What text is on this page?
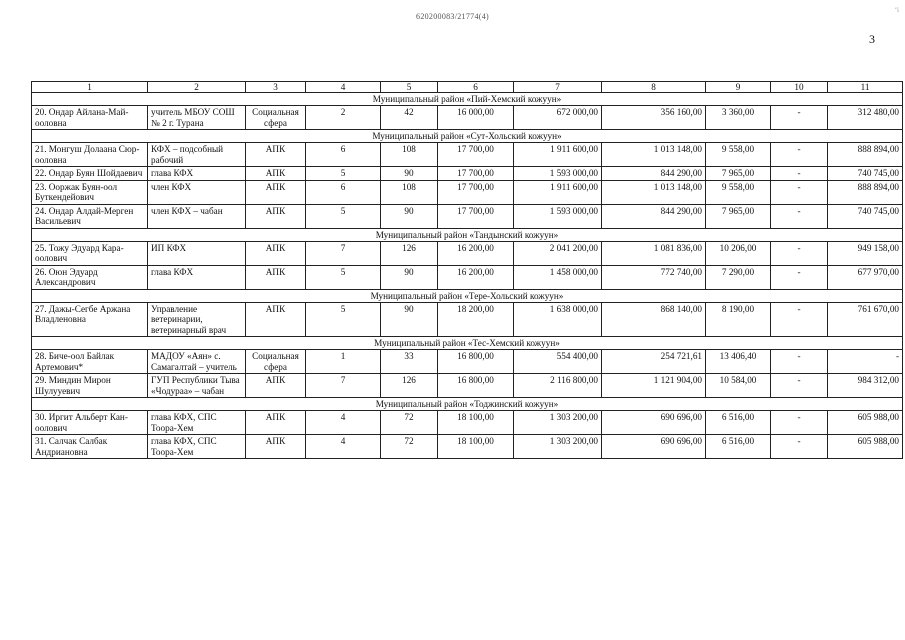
620200083/21774(4)
ʻі
3
1	2	3	4	5	6	7	8	9	10	11
Муниципальный район «Пий-Хемский кожуун»										
20. Ондар Айлана-Май-ооловна	учитель МБОУ СОШ № 2 г. Турана	Социальная сфера	2	42	16 000,00	672 000,00	356 160,00	3 360,00	-	312 480,00
Муниципальный район «Сут-Хольский кожуун»										
21. Монгуш Долаана Сюр-ооловна	КФХ – подсобный рабочий	АПК	6	108	17 700,00	1 911 600,00	1 013 148,00	9 558,00	-	888 894,00
22. Ондар Буян Шойдаевич	глава КФХ	АПК	5	90	17 700,00	1 593 000,00	844 290,00	7 965,00	-	740 745,00
23. Ооржак Буян-оол Буткендейович	член КФХ	АПК	6	108	17 700,00	1 911 600,00	1 013 148,00	9 558,00	-	888 894,00
24. Ондар Алдай-Мерген Васильевич	член КФХ – чабан	АПК	5	90	17 700,00	1 593 000,00	844 290,00	7 965,00	-	740 745,00
Муниципальный район «Тандынский кожуун»										
25. Тожу Эдуард Кара-оолович	ИП КФХ	АПК	7	126	16 200,00	2 041 200,00	1 081 836,00	10 206,00	-	949 158,00
26. Оюн Эдуард Александрович	глава КФХ	АПК	5	90	16 200,00	1 458 000,00	772 740,00	7 290,00	-	677 970,00
Муниципальный район «Тере-Хольский кожуун»										
27. Дажы-Сегбе Аржана Владленовна	Управление ветеринарии, ветеринарный врач	АПК	5	90	18 200,00	1 638 000,00	868 140,00	8 190,00	-	761 670,00
Муниципальный район «Тес-Хемский кожуун»										
28. Биче-оол Байлак Артемович*	МАДОУ «Аян» с. Самагалтай – учитель	Социальная сфера	1	33	16 800,00	554 400,00	254 721,61	13 406,40	-	-
29. Миндин Мирон Шулууевич	ГУП Республики Тыва «Чодураа» – чабан	АПК	7	126	16 800,00	2 116 800,00	1 121 904,00	10 584,00	-	984 312,00
Муниципальный район «Тоджинский кожуун»										
30. Иргит Альберт Кан-оолович	глава КФХ, СПС Тоора-Хем	АПК	4	72	18 100,00	1 303 200,00	690 696,00	6 516,00	-	605 988,00
31. Салчак Салбак Андриановна	глава КФХ, СПС Тоора-Хем	АПК	4	72	18 100,00	1 303 200,00	690 696,00	6 516,00	-	605 988,00
